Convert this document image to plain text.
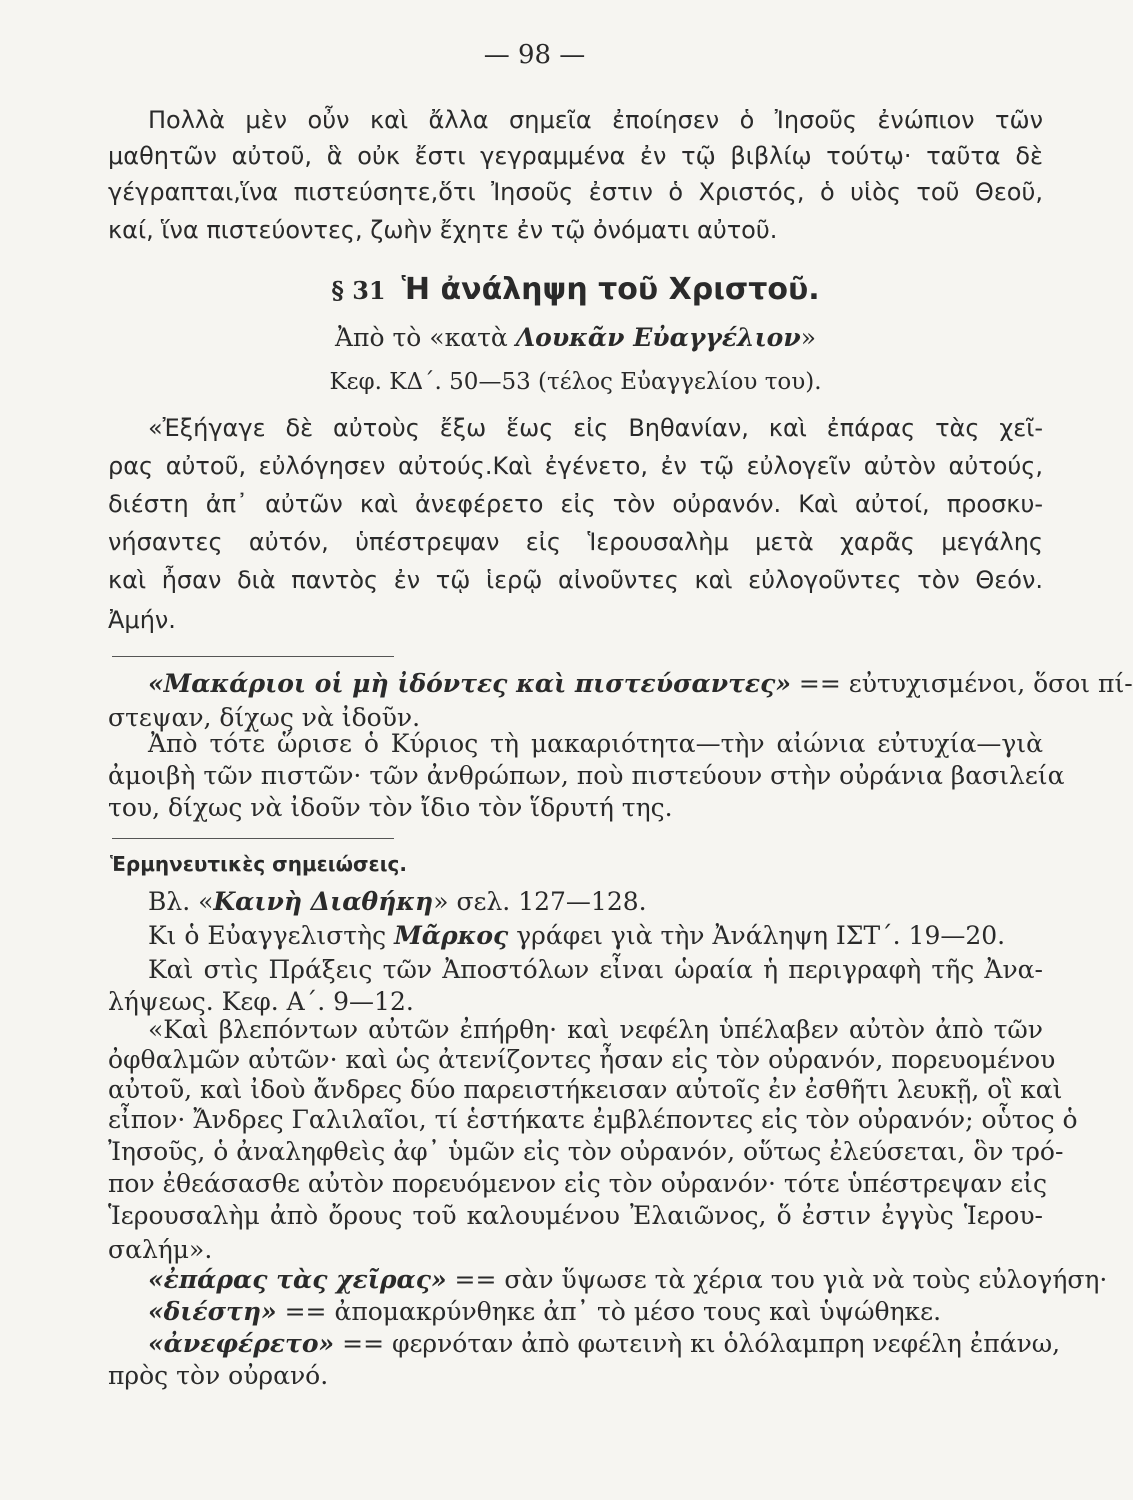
— 98 —
Πολλὰ μὲν οὖν καὶ ἄλλα σημεῖα ἐποίησεν ὁ Ἰησοῦς ἐνώπιον τῶν
μαθητῶν αὐτοῦ, ἃ οὐκ ἔστι γεγραμμένα ἐν τῷ βιβλίῳ τούτῳ· ταῦτα δὲ
γέγραπται,ἵνα πιστεύσητε,ὅτι Ἰησοῦς ἐστιν ὁ Χριστός, ὁ υἱὸς τοῦ Θεοῦ,
καί, ἵνα πιστεύοντες, ζωὴν ἔχητε ἐν τῷ ὀνόματι αὐτοῦ.
§ 31 Ἡ ἀνάληψη τοῦ Χριστοῦ.
Ἀπὸ τὸ «κατὰ Λουκᾶν Εὐαγγέλιον»
Κεφ. ΚΔ΄. 50—53 (τέλος Εὐαγγελίου του).
«Ἐξήγαγε δὲ αὐτοὺς ἔξω ἕως εἰς Βηθανίαν, καὶ ἐπάρας τὰς χεῖ-
ρας αὐτοῦ, εὐλόγησεν αὐτούς.Καὶ ἐγένετο, ἐν τῷ εὐλογεῖν αὐτὸν αὐτούς,
διέστη ἀπ᾿ αὐτῶν καὶ ἀνεφέρετο εἰς τὸν οὐρανόν. Καὶ αὐτοί, προσκυ-
νήσαντες αὐτόν, ὑπέστρεψαν εἰς Ἱερουσαλὴμ μετὰ χαρᾶς μεγάλης
καὶ ἦσαν διὰ παντὸς ἐν τῷ ἱερῷ αἰνοῦντες καὶ εὐλογοῦντες τὸν Θεόν.
Ἀμήν.
«Μακάριοι οἱ μὴ ἰδόντες καὶ πιστεύσαντες» == εὐτυχισμένοι, ὅσοι πί-
στεψαν, δίχως νὰ ἰδοῦν.
Ἀπὸ τότε ὥρισε ὁ Κύριος τὴ μακαριότητα—τὴν αἰώνια εὐτυχία—γιὰ
ἀμοιβὴ τῶν πιστῶν· τῶν ἀνθρώπων, ποὺ πιστεύουν στὴν οὐράνια βασιλεία
του, δίχως νὰ ἰδοῦν τὸν ἴδιο τὸν ἵδρυτή της.
Ἑρμηνευτικὲς σημειώσεις.
Βλ. «Καινὴ Διαθήκη» σελ. 127—128.
Κι ὁ Εὐαγγελιστὴς Μᾶρκος γράφει γιὰ τὴν Ἀνάληψη ΙΣΤ΄. 19—20.
Καὶ στὶς Πράξεις τῶν Ἀποστόλων εἶναι ὡραία ἡ περιγραφὴ τῆς Ἀνα-
λήψεως. Κεφ. Α΄. 9—12.
«Καὶ βλεπόντων αὐτῶν ἐπήρθη· καὶ νεφέλη ὑπέλαβεν αὐτὸν ἀπὸ τῶν
ὀφθαλμῶν αὐτῶν· καὶ ὡς ἀτενίζοντες ἦσαν εἰς τὸν οὐρανόν, πορευομένου
αὐτοῦ, καὶ ἰδοὺ ἄνδρες δύο παρειστήκεισαν αὐτοῖς ἐν ἐσθῆτι λευκῇ, οἳ καὶ
εἶπον· Ἄνδρες Γαλιλαῖοι, τί ἑστήκατε ἐμβλέποντες εἰς τὸν οὐρανόν; οὗτος ὁ
Ἰησοῦς, ὁ ἀναληφθεὶς ἀφ᾿ ὑμῶν εἰς τὸν οὐρανόν, οὕτως ἐλεύσεται, ὃν τρό-
πον ἐθεάσασθε αὐτὸν πορευόμενον εἰς τὸν οὐρανόν· τότε ὑπέστρεψαν εἰς
Ἱερουσαλὴμ ἀπὸ ὄρους τοῦ καλουμένου Ἐλαιῶνος, ὅ ἐστιν ἐγγὺς Ἱερου-
σαλήμ».
«ἐπάρας τὰς χεῖρας» == σὰν ὕψωσε τὰ χέρια του γιὰ νὰ τοὺς εὐλογήση·
«διέστη» == ἀπομακρύνθηκε ἀπ᾿ τὸ μέσο τους καὶ ὑψώθηκε.
«ἀνεφέρετο» == φερνόταν ἀπὸ φωτεινὴ κι ὁλόλαμπρη νεφέλη ἐπάνω,
πρὸς τὸν οὐρανό.
